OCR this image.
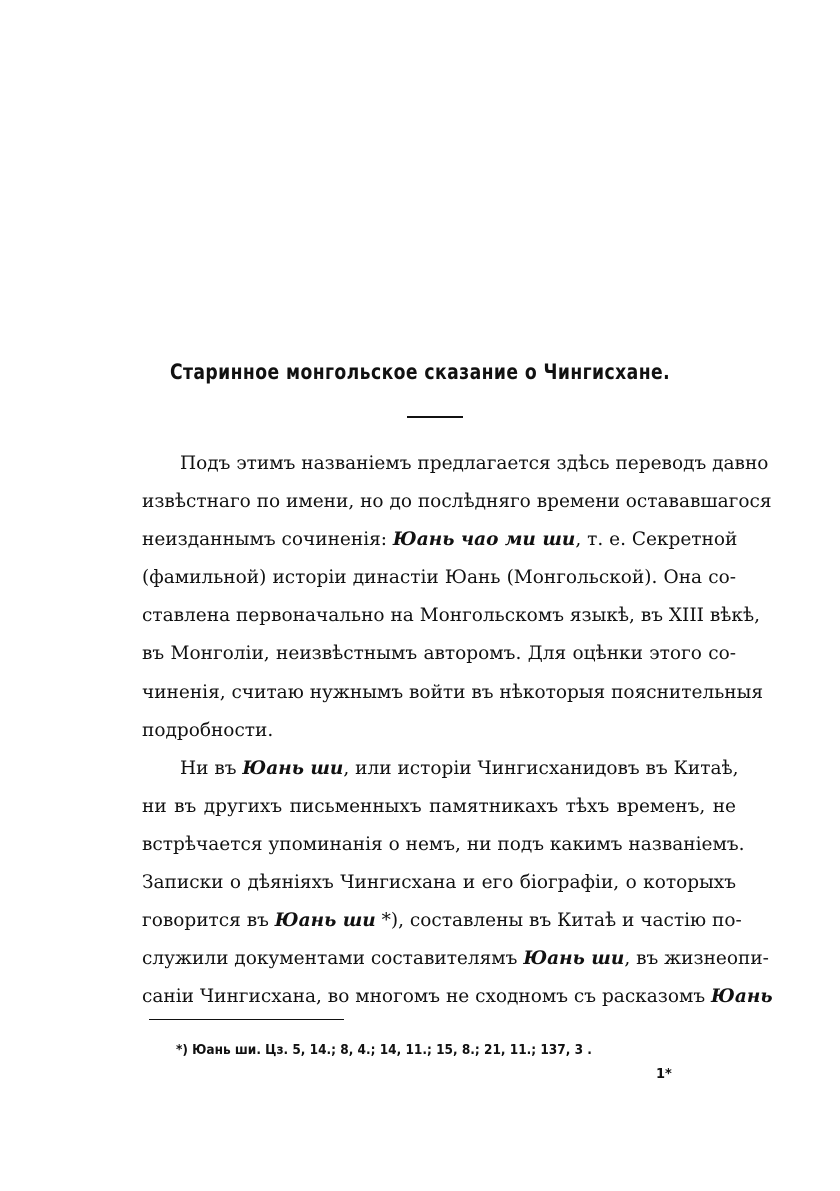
Старинное монгольское сказание о Чингисхане.
Подъ этимъ названіемъ предлагается здѣсь переводъ давно
извѣстнаго по имени, но до послѣдняго времени остававшагося
неизданнымъ сочиненія: Юань чао ми ши, т. е. Секретной
(фамильной) исторіи династіи Юань (Монгольской). Она со-
ставлена первоначально на Монгольскомъ языкѣ, въ XIII вѣкѣ,
въ Монголіи, неизвѣстнымъ авторомъ. Для оцѣнки этого со-
чиненія, считаю нужнымъ войти въ нѣкоторыя пояснительныя
подробности.
Ни въ Юань ши, или исторіи Чингисханидовъ въ Китаѣ,
ни въ другихъ письменныхъ памятникахъ тѣхъ временъ, не
встрѣчается упоминанія о немъ, ни подъ какимъ названіемъ.
Записки о дѣяніяхъ Чингисхана и его біографіи, о которыхъ
говорится въ Юань ши *), составлены въ Китаѣ и частію по-
служили документами составителямъ Юань ши, въ жизнеопи-
саніи Чингисхана, во многомъ не сходномъ съ расказомъ Юань
*) Юань ши. Цз. 5, 14.; 8, 4.; 14, 11.; 15, 8.; 21, 11.; 137, 3 .
1*
